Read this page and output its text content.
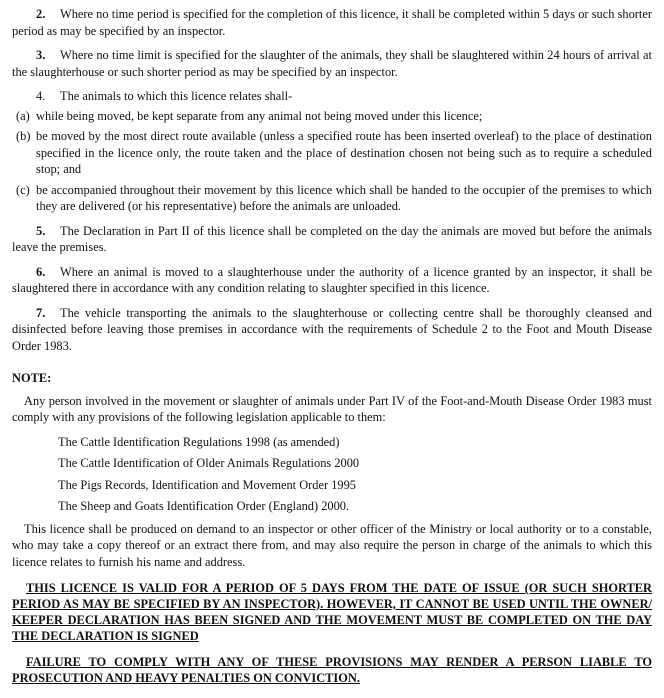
2. Where no time period is specified for the completion of this licence, it shall be completed within 5 days or such shorter period as may be specified by an inspector.

3. Where no time limit is specified for the slaughter of the animals, they shall be slaughtered within 24 hours of arrival at the slaughterhouse or such shorter period as may be specified by an inspector.

4. The animals to which this licence relates shall-

(a) while being moved, be kept separate from any animal not being moved under this licence;
(b) be moved by the most direct route available (unless a specified route has been inserted overleaf) to the place of destination specified in the licence only, the route taken and the place of destination chosen not being such as to require a scheduled stop; and
(c) be accompanied throughout their movement by this licence which shall be handed to the occupier of the premises to which they are delivered (or his representative) before the animals are unloaded.

5. The Declaration in Part II of this licence shall be completed on the day the animals are moved but before the animals leave the premises.

6. Where an animal is moved to a slaughterhouse under the authority of a licence granted by an inspector, it shall be slaughtered there in accordance with any condition relating to slaughter specified in this licence.

7. The vehicle transporting the animals to the slaughterhouse or collecting centre shall be thoroughly cleansed and disinfected before leaving those premises in accordance with the requirements of Schedule 2 to the Foot and Mouth Disease Order 1983.

NOTE:

Any person involved in the movement or slaughter of animals under Part IV of the Foot-and-Mouth Disease Order 1983 must comply with any provisions of the following legislation applicable to them:

The Cattle Identification Regulations 1998 (as amended)
The Cattle Identification of Older Animals Regulations 2000
The Pigs Records, Identification and Movement Order 1995
The Sheep and Goats Identification Order (England) 2000.

This licence shall be produced on demand to an inspector or other officer of the Ministry or local authority or to a constable, who may take a copy thereof or an extract there from, and may also require the person in charge of the animals to which this licence relates to furnish his name and address.

THIS LICENCE IS VALID FOR A PERIOD OF 5 DAYS FROM THE DATE OF ISSUE (OR SUCH SHORTER PERIOD AS MAY BE SPECIFIED BY AN INSPECTOR). HOWEVER, IT CANNOT BE USED UNTIL THE OWNER/ KEEPER DECLARATION HAS BEEN SIGNED AND THE MOVEMENT MUST BE COMPLETED ON THE DAY THE DECLARATION IS SIGNED

FAILURE TO COMPLY WITH ANY OF THESE PROVISIONS MAY RENDER A PERSON LIABLE TO PROSECUTION AND HEAVY PENALTIES ON CONVICTION.
